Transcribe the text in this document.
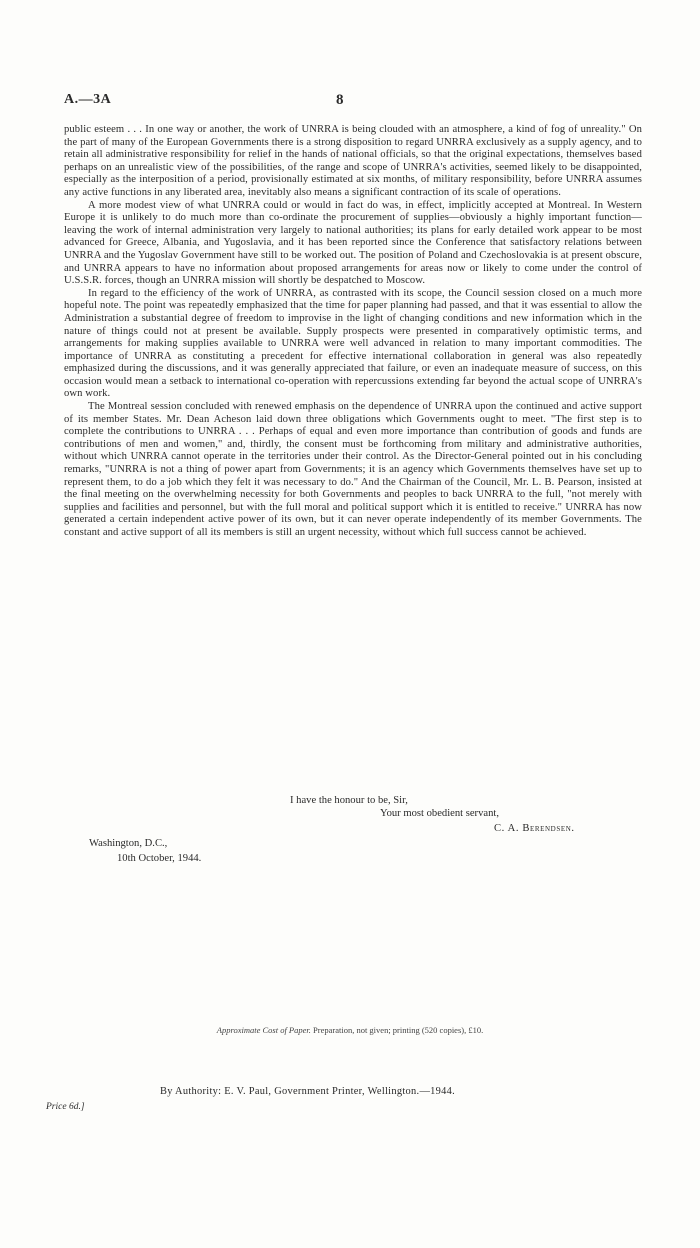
A.—3A	8

public esteem . . . In one way or another, the work of UNRRA is being clouded with an atmosphere, a kind of fog of unreality." On the part of many of the European Governments there is a strong disposition to regard UNRRA exclusively as a supply agency, and to retain all administrative responsibility for relief in the hands of national officials, so that the original expectations, themselves based perhaps on an unrealistic view of the possibilities, of the range and scope of UNRRA's activities, seemed likely to be disappointed, especially as the interposition of a period, provisionally estimated at six months, of military responsibility, before UNRRA assumes any active functions in any liberated area, inevitably also means a significant contraction of its scale of operations.

A more modest view of what UNRRA could or would in fact do was, in effect, implicitly accepted at Montreal. In Western Europe it is unlikely to do much more than co-ordinate the procurement of supplies—obviously a highly important function—leaving the work of internal administration very largely to national authorities; its plans for early detailed work appear to be most advanced for Greece, Albania, and Yugoslavia, and it has been reported since the Conference that satisfactory relations between UNRRA and the Yugoslav Government have still to be worked out. The position of Poland and Czechoslovakia is at present obscure, and UNRRA appears to have no information about proposed arrangements for areas now or likely to come under the control of U.S.S.R. forces, though an UNRRA mission will shortly be despatched to Moscow.

In regard to the efficiency of the work of UNRRA, as contrasted with its scope, the Council session closed on a much more hopeful note. The point was repeatedly emphasized that the time for paper planning had passed, and that it was essential to allow the Administration a substantial degree of freedom to improvise in the light of changing conditions and new information which in the nature of things could not at present be available. Supply prospects were presented in comparatively optimistic terms, and arrangements for making supplies available to UNRRA were well advanced in relation to many important commodities. The importance of UNRRA as constituting a precedent for effective international collaboration in general was also repeatedly emphasized during the discussions, and it was generally appreciated that failure, or even an inadequate measure of success, on this occasion would mean a setback to international co-operation with repercussions extending far beyond the actual scope of UNRRA's own work.

The Montreal session concluded with renewed emphasis on the dependence of UNRRA upon the continued and active support of its member States. Mr. Dean Acheson laid down three obligations which Governments ought to meet. "The first step is to complete the contributions to UNRRA . . . Perhaps of equal and even more importance than contribution of goods and funds are contributions of men and women," and, thirdly, the consent must be forthcoming from military and administrative authorities, without which UNRRA cannot operate in the territories under their control. As the Director-General pointed out in his concluding remarks, "UNRRA is not a thing of power apart from Governments; it is an agency which Governments themselves have set up to represent them, to do a job which they felt it was necessary to do." And the Chairman of the Council, Mr. L. B. Pearson, insisted at the final meeting on the overwhelming necessity for both Governments and peoples to back UNRRA to the full, "not merely with supplies and facilities and personnel, but with the full moral and political support which it is entitled to receive." UNRRA has now generated a certain independent active power of its own, but it can never operate independently of its member Governments. The constant and active support of all its members is still an urgent necessity, without which full success cannot be achieved.

I have the honour to be, Sir,
Your most obedient servant,
C. A. Berendsen.
Washington, D.C.,
10th October, 1944.
Approximate Cost of Paper. Preparation, not given; printing (520 copies), £10.
By Authority: E. V. Paul, Government Printer, Wellington.—1944.
Price 6d.]
